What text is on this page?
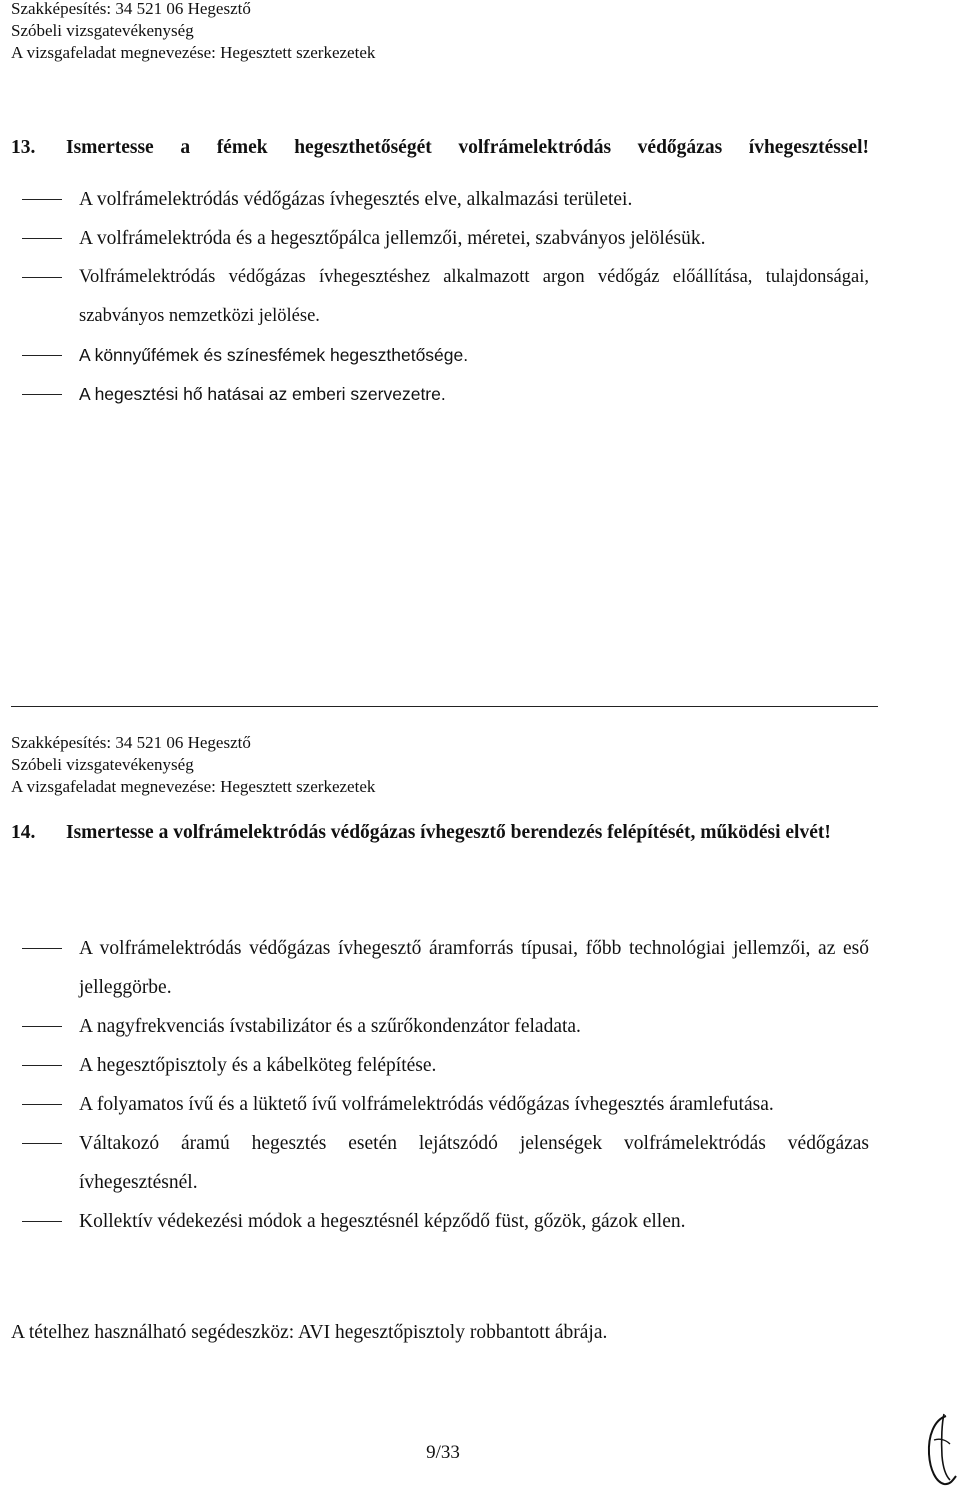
Szakképesítés: 34 521 06 Hegesztő
Szóbeli vizsgatevékenység
A vizsgafeladat megnevezése: Hegesztett szerkezetek
13. Ismertesse a fémek hegeszthetőségét volfrámelektródás védőgázas ívhegesztéssel!
A volfrámelektródás védőgázas ívhegesztés elve, alkalmazási területei.
A volfrámelektróda és a hegesztőpálca jellemzői, méretei, szabványos jelölésük.
Volfrámelektródás védőgázas ívhegesztéshez alkalmazott argon védőgáz előállítása, tulajdonságai, szabványos nemzetközi jelölése.
A könnyűfémek és színesfémek hegeszthetősége.
A hegesztési hő hatásai az emberi szervezetre.
Szakképesítés: 34 521 06 Hegesztő
Szóbeli vizsgatevékenység
A vizsgafeladat megnevezése: Hegesztett szerkezetek
14. Ismertesse a volfrámelektródás védőgázas ívhegesztő berendezés felépítését, működési elvét!
A volfrámelektródás védőgázas ívhegesztő áramforrás típusai, főbb technológiai jellemzői, az eső jelleggörbe.
A nagyfrekvenciás ívstabilizátor és a szűrőkondenzátor feladata.
A hegesztőpisztoly és a kábelköteg felépítése.
A folyamatos ívű és a lüktető ívű volfrámelektródás védőgázas ívhegesztés áramlefutása.
Váltakozó áramú hegesztés esetén lejátszódó jelenségek volfrámelektródás védőgázas ívhegesztésnél.
Kollektív védekezési módok a hegesztésnél képződő füst, gőzök, gázok ellen.
A tételhez használható segédeszköz: AVI hegesztőpisztoly robbantott ábrája.
9/33
